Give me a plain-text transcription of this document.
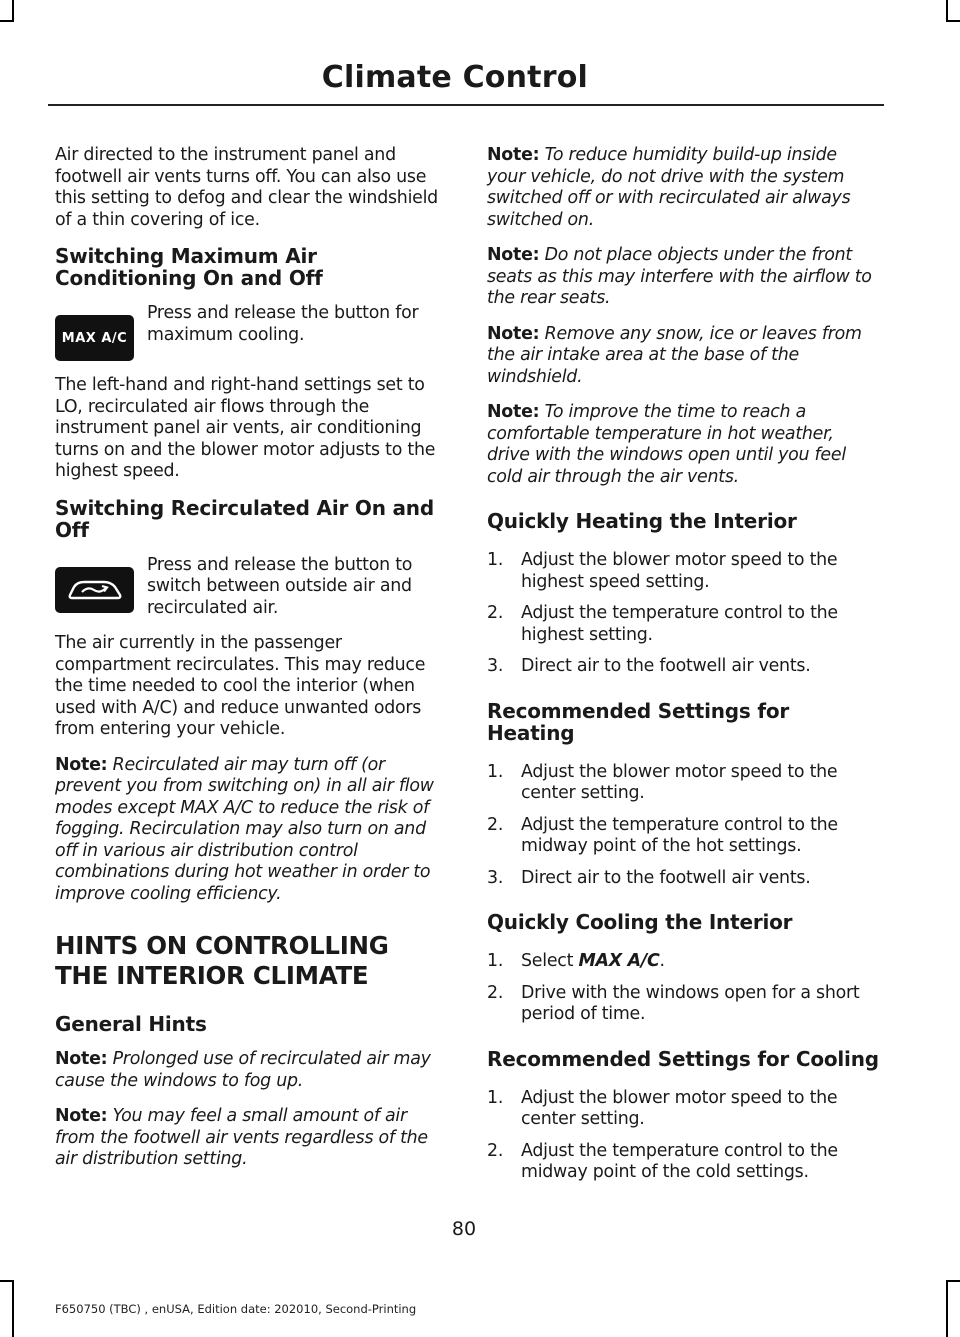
Climate Control

Air directed to the instrument panel and footwell air vents turns off. You can also use this setting to defog and clear the windshield of a thin covering of ice.

Switching Maximum Air Conditioning On and Off
MAX A/C

Press and release the button for maximum cooling.

The left-hand and right-hand settings set to LO, recirculated air flows through the instrument panel air vents, air conditioning turns on and the blower motor adjusts to the highest speed.

Switching Recirculated Air On and Off

Press and release the button to switch between outside air and recirculated air.

The air currently in the passenger compartment recirculates. This may reduce the time needed to cool the interior (when used with A/C) and reduce unwanted odors from entering your vehicle.

Note: Recirculated air may turn off (or prevent you from switching on) in all air flow modes except MAX A/C to reduce the risk of fogging. Recirculation may also turn on and off in various air distribution control combinations during hot weather in order to improve cooling efficiency.

HINTS ON CONTROLLING THE INTERIOR CLIMATE
General Hints

Note: Prolonged use of recirculated air may cause the windows to fog up.

Note: You may feel a small amount of air from the footwell air vents regardless of the air distribution setting.

Note: To reduce humidity build-up inside your vehicle, do not drive with the system switched off or with recirculated air always switched on.

Note: Do not place objects under the front seats as this may interfere with the airflow to the rear seats.

Note: Remove any snow, ice or leaves from the air intake area at the base of the windshield.

Note: To improve the time to reach a comfortable temperature in hot weather, drive with the windows open until you feel cold air through the air vents.

Quickly Heating the Interior
1. Adjust the blower motor speed to the highest speed setting.
2. Adjust the temperature control to the highest setting.
3. Direct air to the footwell air vents.
Recommended Settings for Heating
1. Adjust the blower motor speed to the center setting.
2. Adjust the temperature control to the midway point of the hot settings.
3. Direct air to the footwell air vents.
Quickly Cooling the Interior
1. Select MAX A/C.
2. Drive with the windows open for a short period of time.
Recommended Settings for Cooling
1. Adjust the blower motor speed to the center setting.
2. Adjust the temperature control to the midway point of the cold settings.
80
F650750 (TBC) , enUSA, Edition date: 202010, Second-Printing
